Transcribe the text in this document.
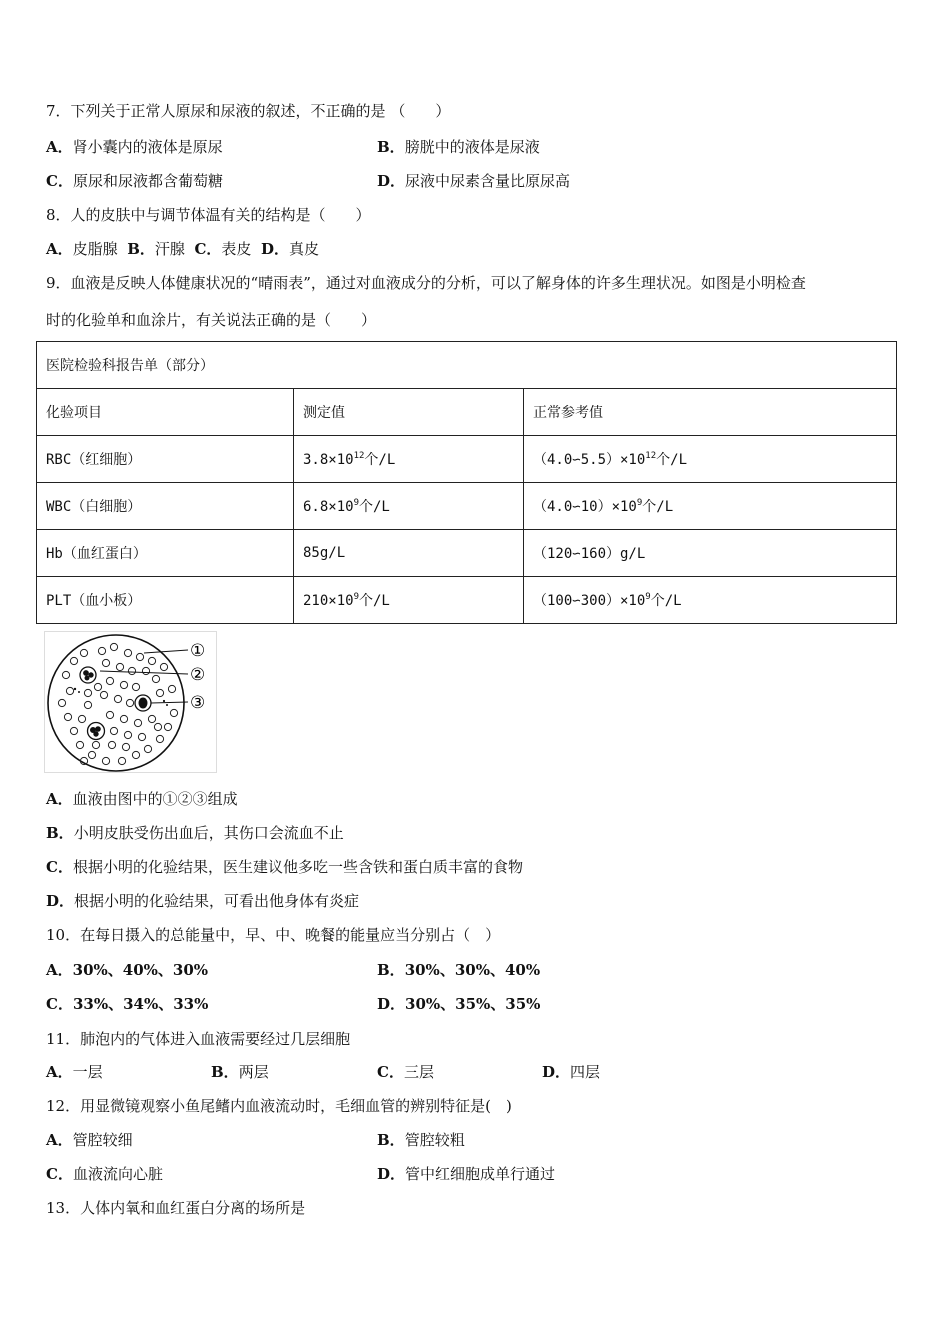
7．下列关于正常人原尿和尿液的叙述，不正确的是 （　　）
A．肾小囊内的液体是原尿	B．膀胱中的液体是尿液
C．原尿和尿液都含葡萄糖	D．尿液中尿素含量比原尿高
8．人的皮肤中与调节体温有关的结构是（　　）
A．皮脂腺 B．汗腺 C．表皮 D．真皮
9．血液是反映人体健康状况的“晴雨表”，通过对血液成分的分析，可以了解身体的许多生理状况。如图是小明检查
时的化验单和血涂片，有关说法正确的是（　　）
医院检验科报告单（部分）		
化验项目	测定值	正常参考值
RBC（红细胞）	$3.8\times 10^{12}$个/L	$(4.0∽5.5)\times 10^{12}$个/L
WBC（白细胞）	$6.8\times 10^9$个/L	$(4.0∽10)\times 10^9$个/L
Hb（血红蛋白）	85g/L	（120∽160）g/L
PLT（血小板）	$210\times 10^9$个/L	$(100∽300)\times 10^9$个/L
①
②
③
A．血液由图中的①②③组成
B．小明皮肤受伤出血后，其伤口会流血不止
C．根据小明的化验结果，医生建议他多吃一些含铁和蛋白质丰富的食物
D．根据小明的化验结果，可看出他身体有炎症
10．在每日摄入的总能量中，早、中、晚餐的能量应当分别占（　）
A．30%、40%、30%	B．30%、30%、40%
C．33%、34%、33%	D．30%、35%、35%
11．肺泡内的气体进入血液需要经过几层细胞
A．一层	B．两层	C．三层	D．四层
12．用显微镜观察小鱼尾鳍内血液流动时，毛细血管的辨别特征是(　)
A．管腔较细	B．管腔较粗
C．血液流向心脏	D．管中红细胞成单行通过
13．人体内氧和血红蛋白分离的场所是
